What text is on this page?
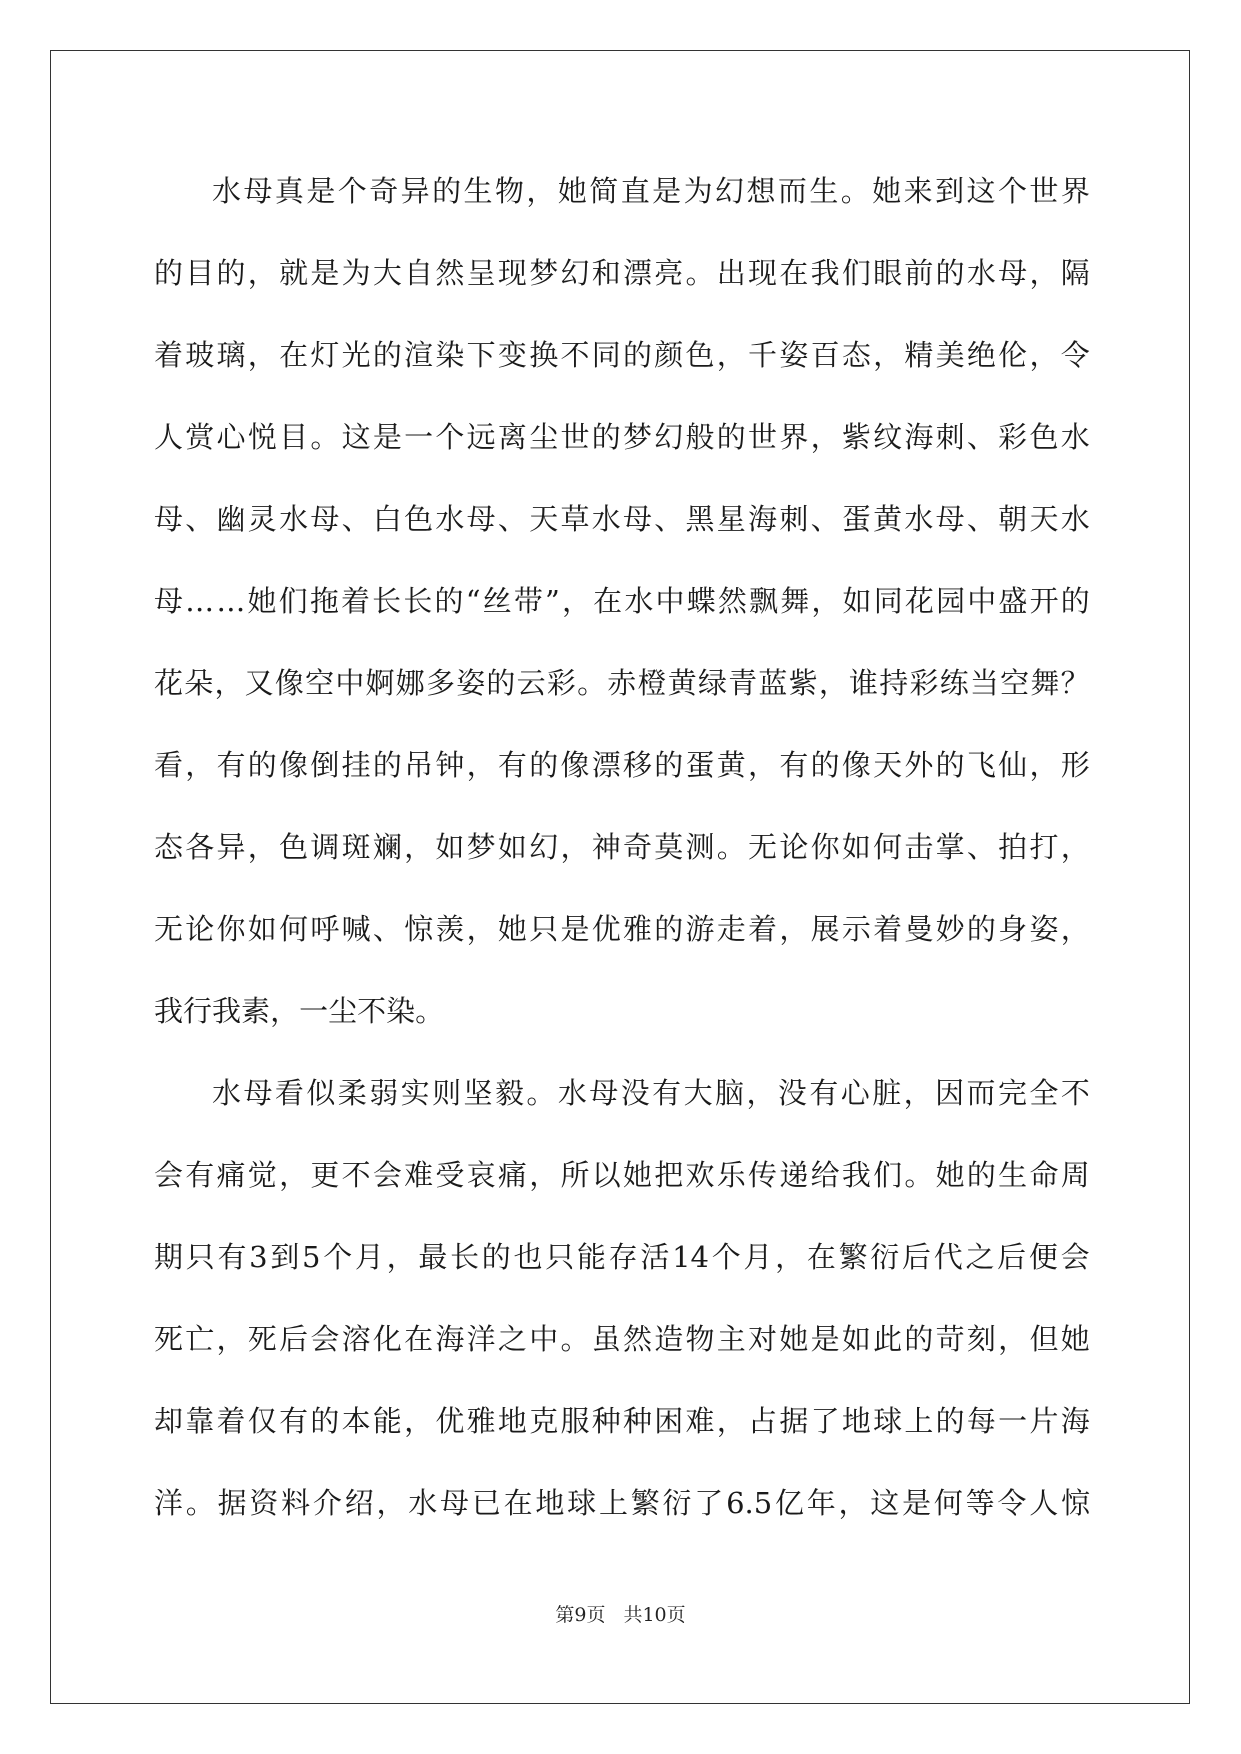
水 母 真 是 个 奇 异 的 生 物 ， 她 简 直 是 为 幻 想 而 生 。 她 来 到 这 个 世 界
的 目 的 ， 就 是 为 大 自 然 呈 现 梦 幻 和 漂 亮 。 出 现 在 我 们 眼 前 的 水 母 ， 隔
着 玻 璃 ， 在 灯 光 的 渲 染 下 变 换 不 同 的 颜 色 ， 千 姿 百 态 ， 精 美 绝 伦 ， 令
人 赏 心 悦 目 。 这 是 一 个 远 离 尘 世 的 梦 幻 般 的 世 界 ， 紫 纹 海 刺 、 彩 色 水
母 、 幽 灵 水 母 、 白 色 水 母 、 天 草 水 母 、 黑 星 海 刺 、 蛋 黄 水 母 、 朝 天 水
母 … … 她 们 拖 着 长 长 的 “ 丝 带 ” ， 在 水 中 蝶 然 飘 舞 ， 如 同 花 园 中 盛 开 的
花 朵 ， 又 像 空 中 婀 娜 多 姿 的 云 彩 。 赤 橙 黄 绿 青 蓝 紫 ， 谁 持 彩 练 当 空 舞 ？
看 ， 有 的 像 倒 挂 的 吊 钟 ， 有 的 像 漂 移 的 蛋 黄 ， 有 的 像 天 外 的 飞 仙 ， 形
态 各 异 ， 色 调 斑 斓 ， 如 梦 如 幻 ， 神 奇 莫 测 。 无 论 你 如 何 击 掌 、 拍 打 ，
无 论 你 如 何 呼 喊 、 惊 羡 ， 她 只 是 优 雅 的 游 走 着 ， 展 示 着 曼 妙 的 身 姿 ，
我 行 我 素 ， 一 尘 不 染 。
水 母 看 似 柔 弱 实 则 坚 毅 。 水 母 没 有 大 脑 ， 没 有 心 脏 ， 因 而 完 全 不
会 有 痛 觉 ， 更 不 会 难 受 哀 痛 ， 所 以 她 把 欢 乐 传 递 给 我 们 。 她 的 生 命 周
期 只 有 3 到 5 个 月 ， 最 长 的 也 只 能 存 活 14 个 月 ， 在 繁 衍 后 代 之 后 便 会
死 亡 ， 死 后 会 溶 化 在 海 洋 之 中 。 虽 然 造 物 主 对 她 是 如 此 的 苛 刻 ， 但 她
却 靠 着 仅 有 的 本 能 ， 优 雅 地 克 服 种 种 困 难 ， 占 据 了 地 球 上 的 每 一 片 海
洋 。 据 资 料 介 绍 ， 水 母 已 在 地 球 上 繁 衍 了 6.5 亿 年 ， 这 是 何 等 令 人 惊
第9页 共10页
